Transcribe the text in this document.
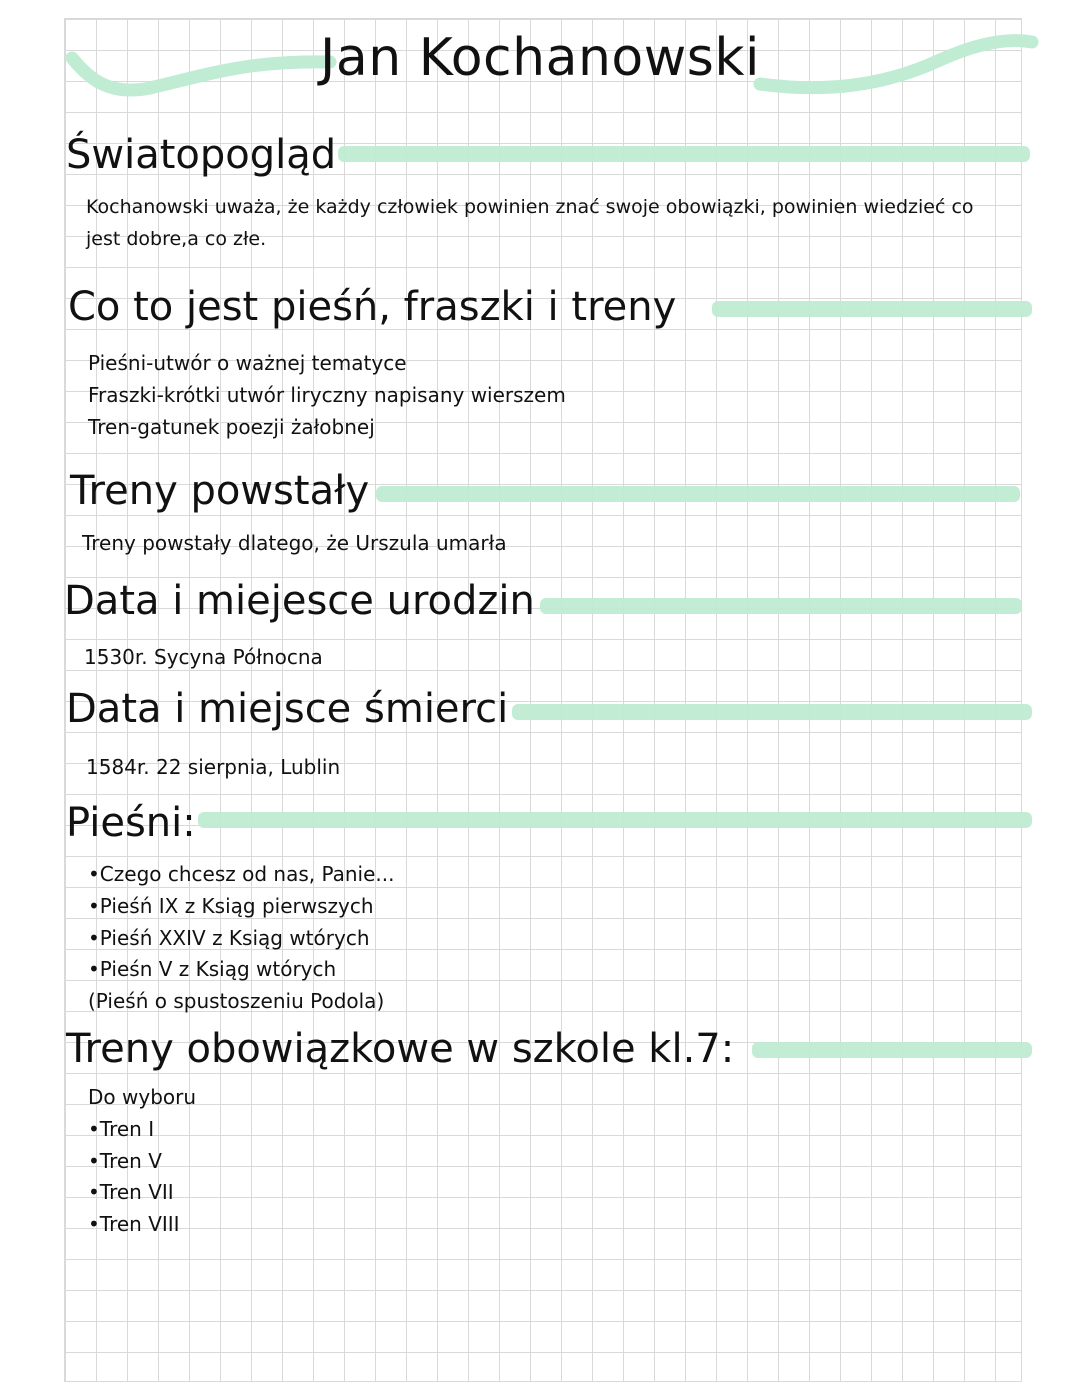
Jan Kochanowski
Światopogląd

Kochanowski uważa, że każdy człowiek powinien znać swoje obowiązki, powinien wiedzieć co

jest dobre,a co złe.

Co to jest pieśń, fraszki i treny
Pieśni-utwór o ważnej tematyce
Fraszki-krótki utwór liryczny napisany wierszem
Tren-gatunek poezji żałobnej
Treny powstały

Treny powstały dlatego, że Urszula umarła

Data i miejesce urodzin

1530r. Sycyna Północna

Data i miejsce śmierci

1584r. 22 sierpnia, Lublin

Pieśni:
•Czego chcesz od nas, Panie...
•Pieśń IX z Ksiąg pierwszych
•Pieśń XXIV z Ksiąg wtórych
•Pieśn V z Ksiąg wtórych
(Pieśń o spustoszeniu Podola)
Treny obowiązkowe w szkole kl.7:
Do wyboru
•Tren I
•Tren V
•Tren VII
•Tren VIII
